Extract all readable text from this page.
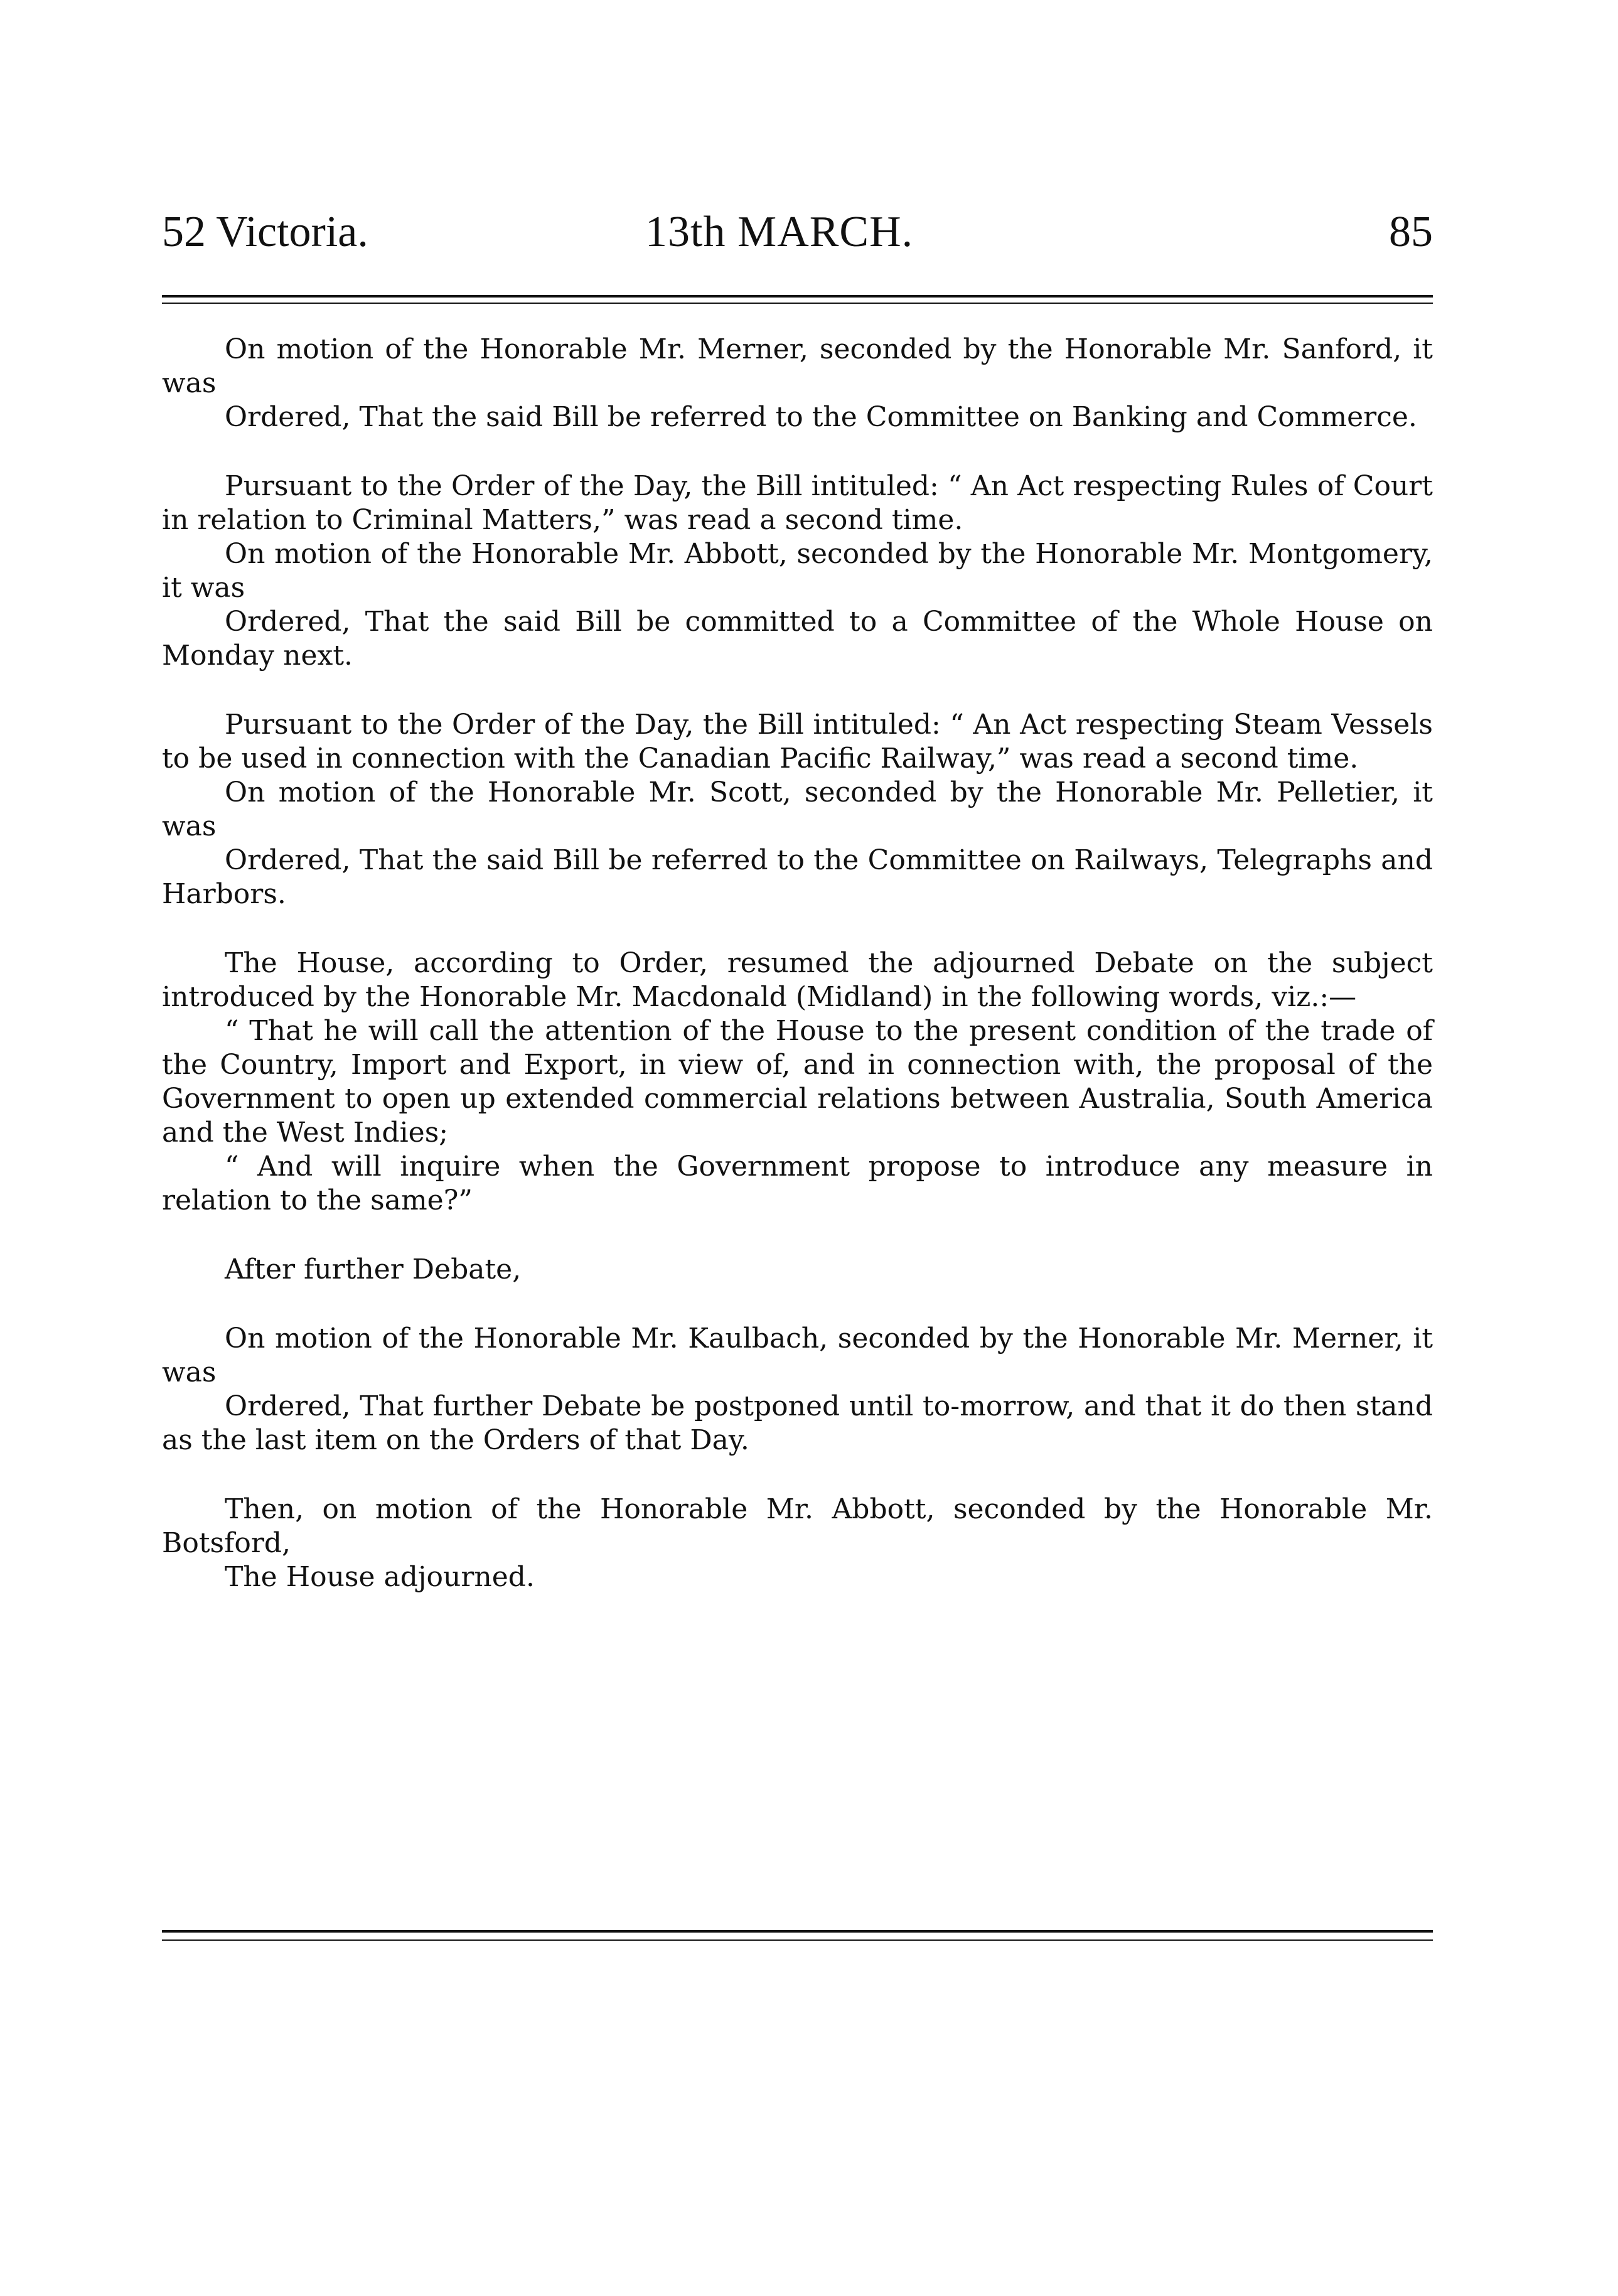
52 Victoria.	13th MARCH.	85

On motion of the Honorable Mr. Merner, seconded by the Honorable Mr. Sanford, it was

Ordered, That the said Bill be referred to the Committee on Banking and Commerce.

Pursuant to the Order of the Day, the Bill intituled: “ An Act respecting Rules of Court in relation to Criminal Matters,” was read a second time.

On motion of the Honorable Mr. Abbott, seconded by the Honorable Mr. Montgomery, it was

Ordered, That the said Bill be committed to a Committee of the Whole House on Monday next.

Pursuant to the Order of the Day, the Bill intituled: “ An Act respecting Steam Vessels to be used in connection with the Canadian Pacific Railway,” was read a second time.

On motion of the Honorable Mr. Scott, seconded by the Honorable Mr. Pelletier, it was

Ordered, That the said Bill be referred to the Committee on Railways, Telegraphs and Harbors.

The House, according to Order, resumed the adjourned Debate on the subject introduced by the Honorable Mr. Macdonald (Midland) in the following words, viz.:—

“ That he will call the attention of the House to the present condition of the trade of the Country, Import and Export, in view of, and in connection with, the proposal of the Government to open up extended commercial relations between Australia, South America and the West Indies;

“ And will inquire when the Government propose to introduce any measure in relation to the same?”

After further Debate,

On motion of the Honorable Mr. Kaulbach, seconded by the Honorable Mr. Merner, it was

Ordered, That further Debate be postponed until to-morrow, and that it do then stand as the last item on the Orders of that Day.

Then, on motion of the Honorable Mr. Abbott, seconded by the Honorable Mr. Botsford,

The House adjourned.
